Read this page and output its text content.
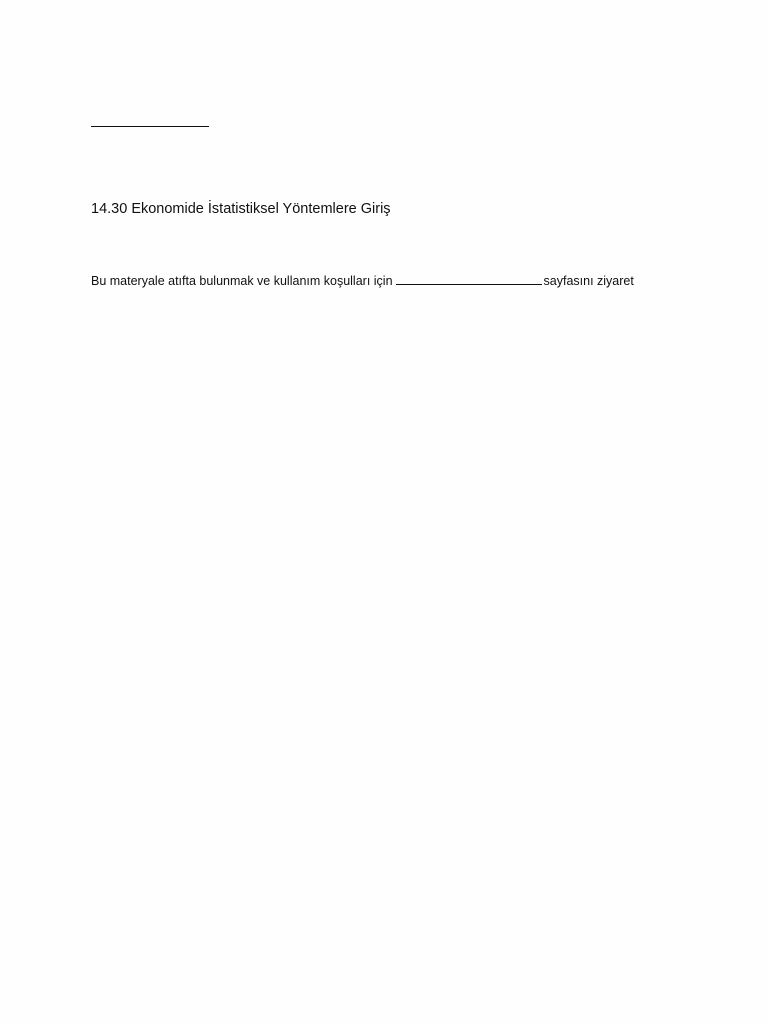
14.30 Ekonomide İstatistiksel Yöntemlere Giriş

Bu materyale atıfta bulunmak ve kullanım koşulları için	sayfasını ziyaret
